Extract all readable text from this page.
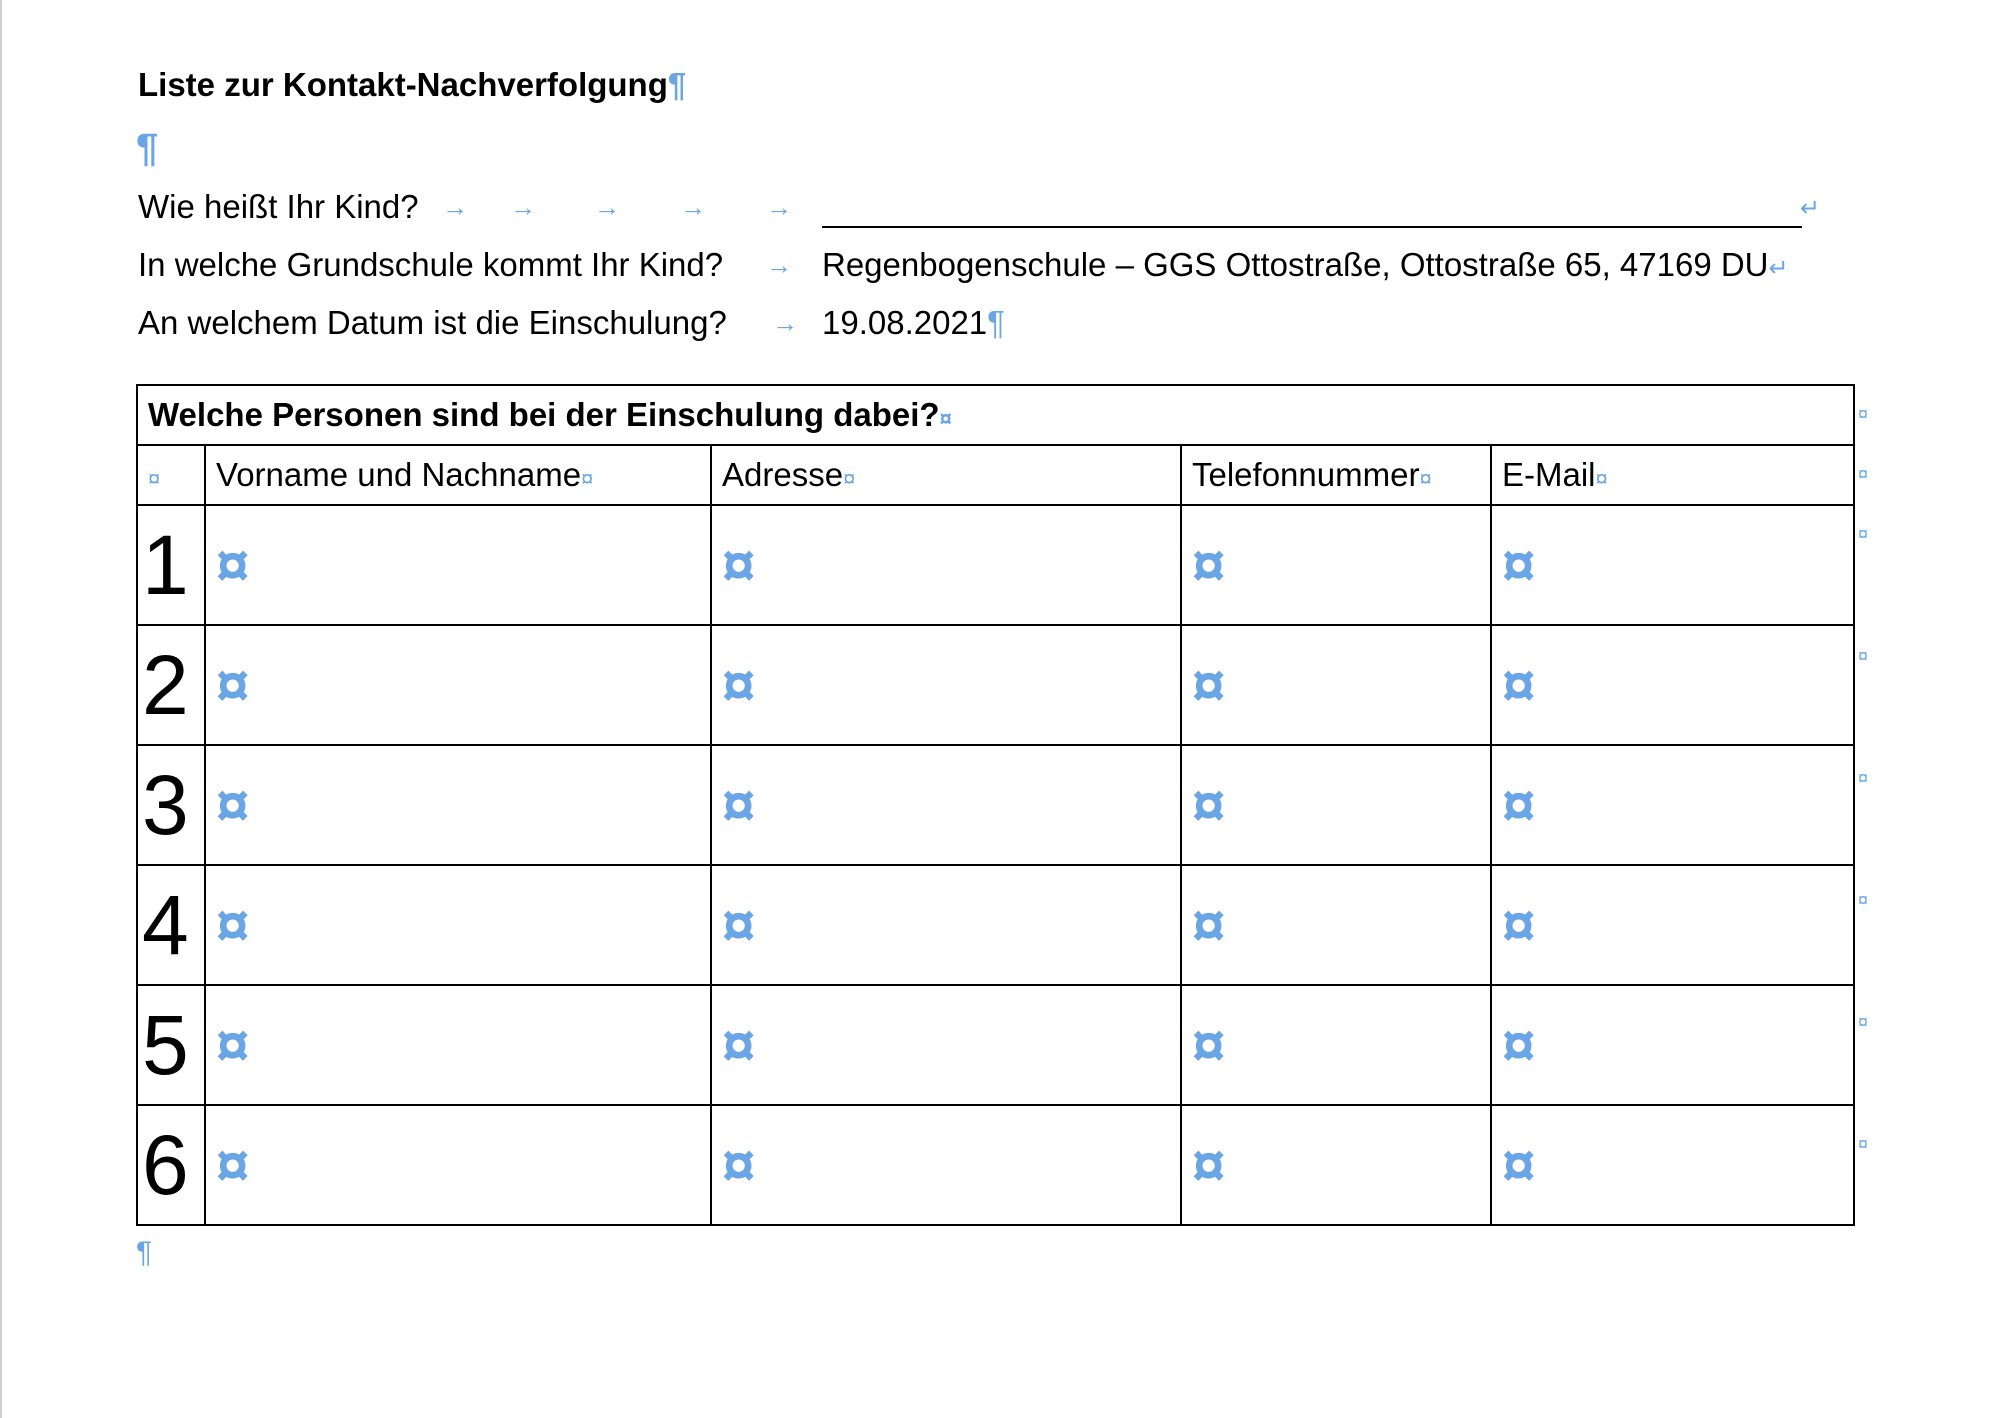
Liste zur Kontakt-Nachverfolgung¶
¶
Wie heißt Ihr Kind? → → → → →	↵
In welche Grundschule kommt Ihr Kind? → Regenbogenschule – GGS Ottostraße, Ottostraße 65, 47169 DU↵
An welchem Datum ist die Einschulung? → 19.08.2021¶
Welche Personen sind bei der Einschulung dabei?¤				
¤	Vorname und Nachname¤	Adresse¤	Telefonnummer¤	E-Mail¤
1	¤	¤	¤	¤
2	¤	¤	¤	¤
3	¤	¤	¤	¤
4	¤	¤	¤	¤
5	¤	¤	¤	¤
6	¤	¤	¤	¤
¤
¤
¤
¤
¤
¤
¤
¤
¶
